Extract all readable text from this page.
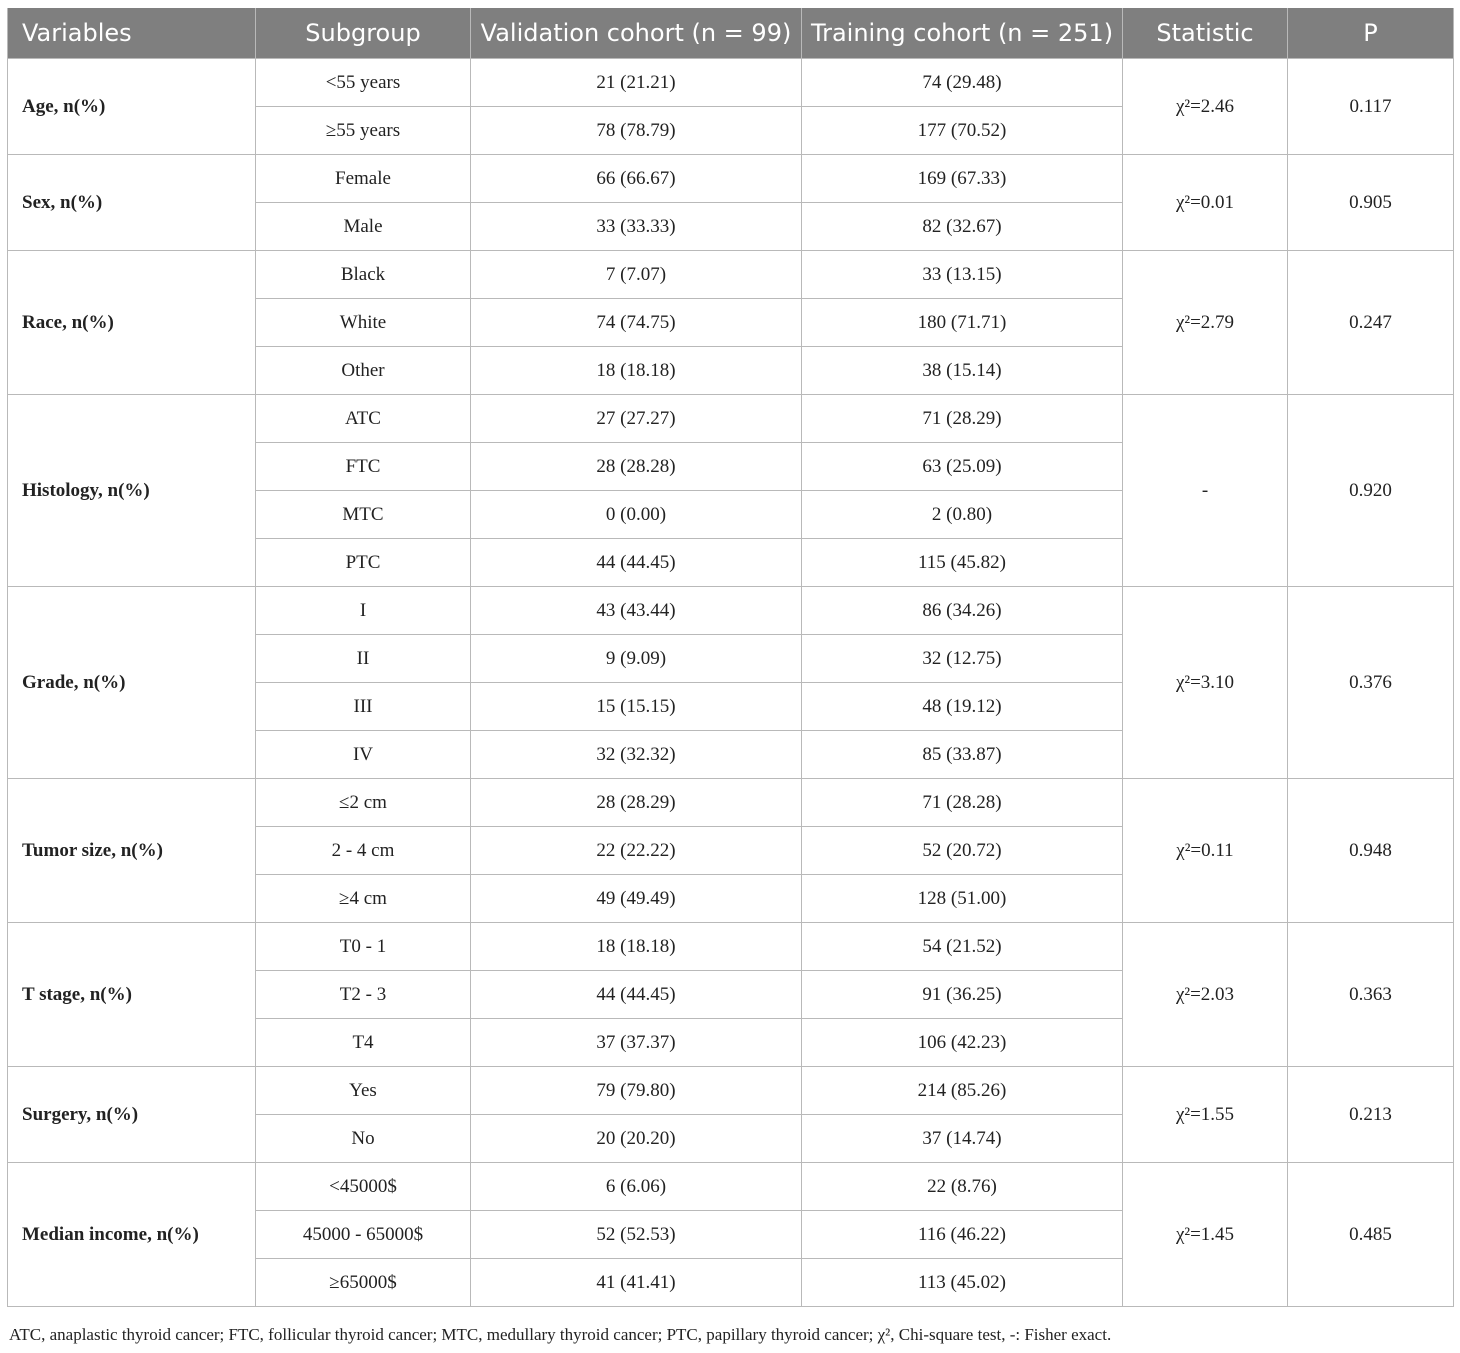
Variables	Subgroup	Validation cohort (n = 99)	Training cohort (n = 251)	Statistic	P
Age, n(%)	<55 years	21 (21.21)	74 (29.48)	χ²=2.46	0.117
	≥55 years	78 (78.79)	177 (70.52)		
Sex, n(%)	Female	66 (66.67)	169 (67.33)	χ²=0.01	0.905
	Male	33 (33.33)	82 (32.67)		
Race, n(%)	Black	7 (7.07)	33 (13.15)	χ²=2.79	0.247
	White	74 (74.75)	180 (71.71)		
	Other	18 (18.18)	38 (15.14)		
Histology, n(%)	ATC	27 (27.27)	71 (28.29)	-	0.920
	FTC	28 (28.28)	63 (25.09)		
	MTC	0 (0.00)	2 (0.80)		
	PTC	44 (44.45)	115 (45.82)		
Grade, n(%)	I	43 (43.44)	86 (34.26)	χ²=3.10	0.376
	II	9 (9.09)	32 (12.75)		
	III	15 (15.15)	48 (19.12)		
	IV	32 (32.32)	85 (33.87)		
Tumor size, n(%)	≤2 cm	28 (28.29)	71 (28.28)	χ²=0.11	0.948
	2 - 4 cm	22 (22.22)	52 (20.72)		
	≥4 cm	49 (49.49)	128 (51.00)		
T stage, n(%)	T0 - 1	18 (18.18)	54 (21.52)	χ²=2.03	0.363
	T2 - 3	44 (44.45)	91 (36.25)		
	T4	37 (37.37)	106 (42.23)		
Surgery, n(%)	Yes	79 (79.80)	214 (85.26)	χ²=1.55	0.213
	No	20 (20.20)	37 (14.74)		
Median income, n(%)	<45000$	6 (6.06)	22 (8.76)	χ²=1.45	0.485
	45000 - 65000$	52 (52.53)	116 (46.22)		
	≥65000$	41 (41.41)	113 (45.02)		
ATC, anaplastic thyroid cancer; FTC, follicular thyroid cancer; MTC, medullary thyroid cancer; PTC, papillary thyroid cancer; χ², Chi-square test, -: Fisher exact.
